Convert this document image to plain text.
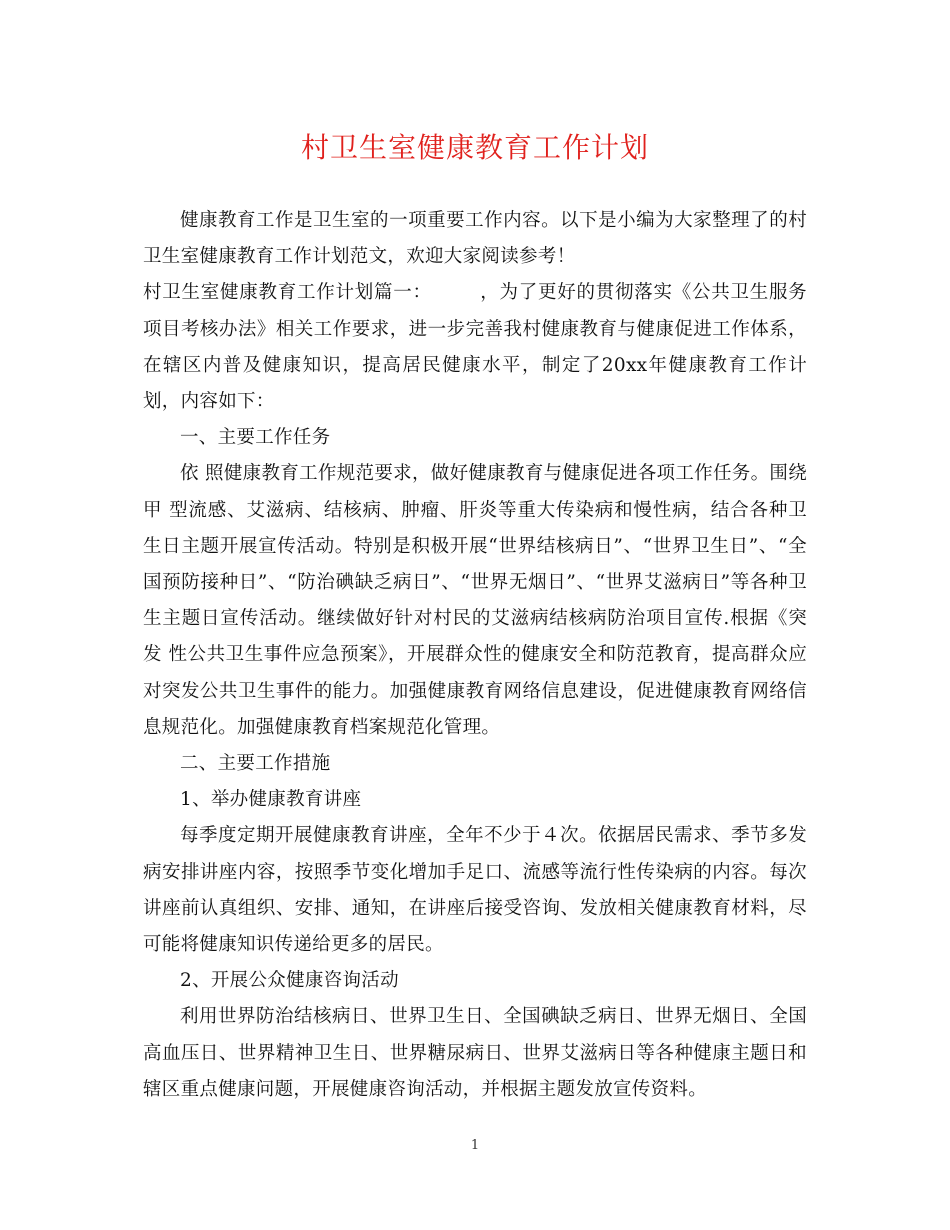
村卫生室健康教育工作计划

健康教育工作是卫生室的一项重要工作内容。以下是小编为大家整理了的村卫生室健康教育工作计划范文，欢迎大家阅读参考！

村卫生室健康教育工作计划篇一：　　　，为了更好的贯彻落实《公共卫生服务项目考核办法》相关工作要求，进一步完善我村健康教育与健康促进工作体系，在辖区内普及健康知识，提高居民健康水平，制定了20xx年健康教育工作计划，内容如下：

一、主要工作任务

依 照健康教育工作规范要求，做好健康教育与健康促进各项工作任务。围绕甲 型流感、艾滋病、结核病、肿瘤、肝炎等重大传染病和慢性病，结合各种卫生日主题开展宣传活动。特别是积极开展“世界结核病日”、“世界卫生日”、“全国预防接种日”、“防治碘缺乏病日”、“世界无烟日”、“世界艾滋病日”等各种卫生主题日宣传活动。继续做好针对村民的艾滋病结核病防治项目宣传.根据《突发 性公共卫生事件应急预案》，开展群众性的健康安全和防范教育，提高群众应对突发公共卫生事件的能力。加强健康教育网络信息建设，促进健康教育网络信息规范化。加强健康教育档案规范化管理。

二、主要工作措施

1、举办健康教育讲座

每季度定期开展健康教育讲座，全年不少于４次。依据居民需求、季节多发病安排讲座内容，按照季节变化增加手足口、流感等流行性传染病的内容。每次讲座前认真组织、安排、通知，在讲座后接受咨询、发放相关健康教育材料，尽可能将健康知识传递给更多的居民。

2、开展公众健康咨询活动

利用世界防治结核病日、世界卫生日、全国碘缺乏病日、世界无烟日、全国高血压日、世界精神卫生日、世界糖尿病日、世界艾滋病日等各种健康主题日和辖区重点健康问题，开展健康咨询活动，并根据主题发放宣传资料。

1
